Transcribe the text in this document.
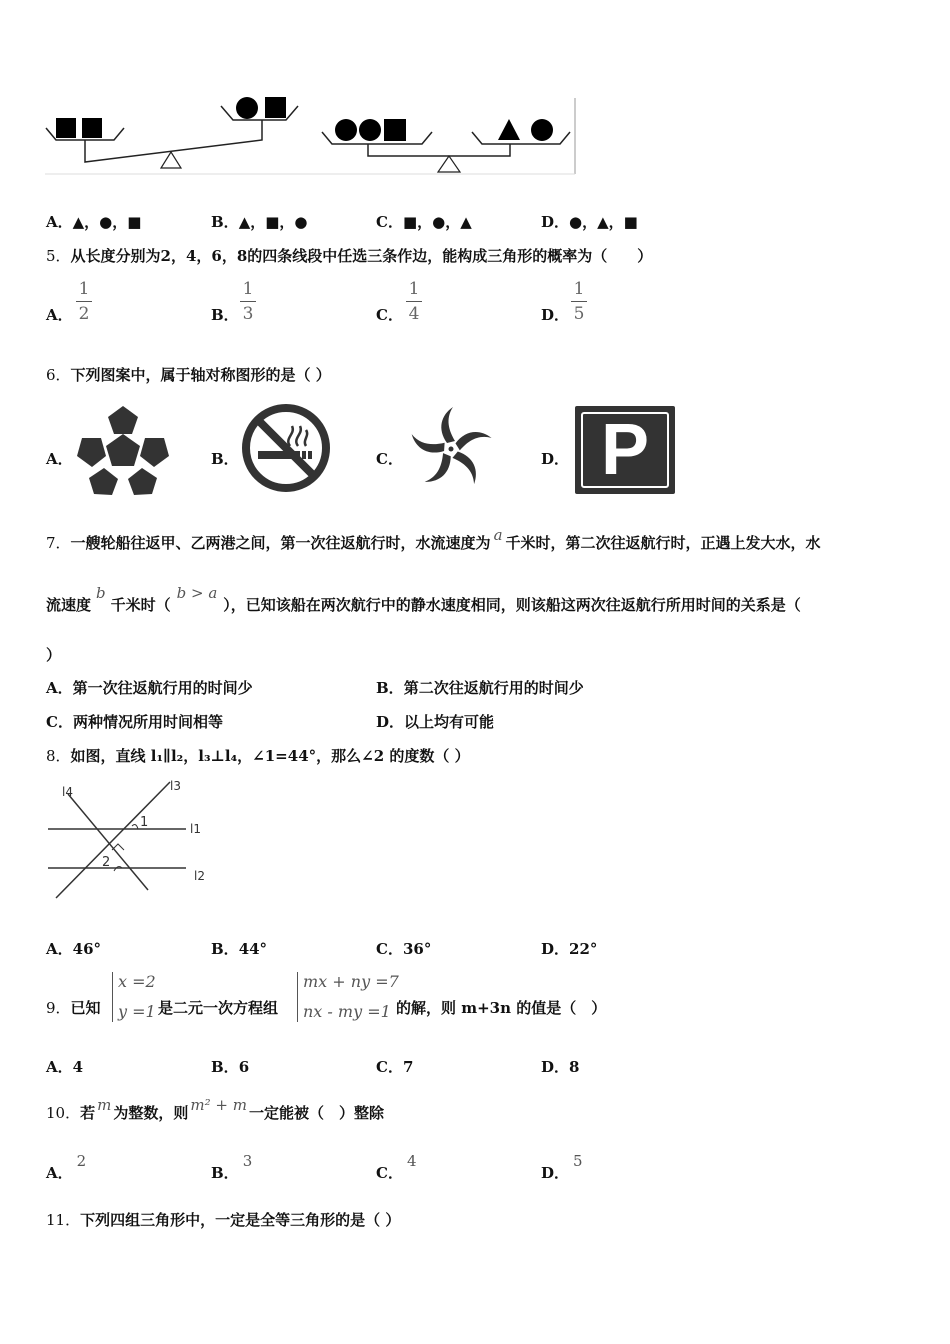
A．▲，●，■	B．▲，■，●	C．■，●，▲	D．●，▲，■
5．从长度分别为2，4，6，8的四条线段中任选三条作边，能构成三角形的概率为（　　）
A．
1
2	B．
1
3	C．
1
4	D．
1
5
6．下列图案中，属于轴对称图形的是（ ）
A．	B．	C．	D． P
7．一艘轮船往返甲、乙两港之间，第一次往返航行时，水流速度为 a 千米时，第二次往返航行时，正遇上发大水，水
流速度b千米时（b > a），已知该船在两次航行中的静水速度相同，则该船这两次往返航行所用时间的关系是（
）
A．第一次往返航行用的时间少	B．第二次往返航行用的时间少
C．两种情况所用时间相等	D．以上均有可能
8．如图，直线 l₁∥l₂，l₃⊥l₄，∠1=44°，那么∠2 的度数（ ）
l4	l3
l1
l2
1
2
A．46°	B．44°	C．36°	D．22°
9．已知
x =2
y =1 是二元一次方程组
mx + ny =7
nx - my =1 的解，则 m+3n 的值是（　）
A．4	B．6	C．7	D．8
10．若 m 为整数，则 m² + m 一定能被（　）整除
A．2
B．3
C．4
D．5
11．下列四组三角形中，一定是全等三角形的是（ ）
